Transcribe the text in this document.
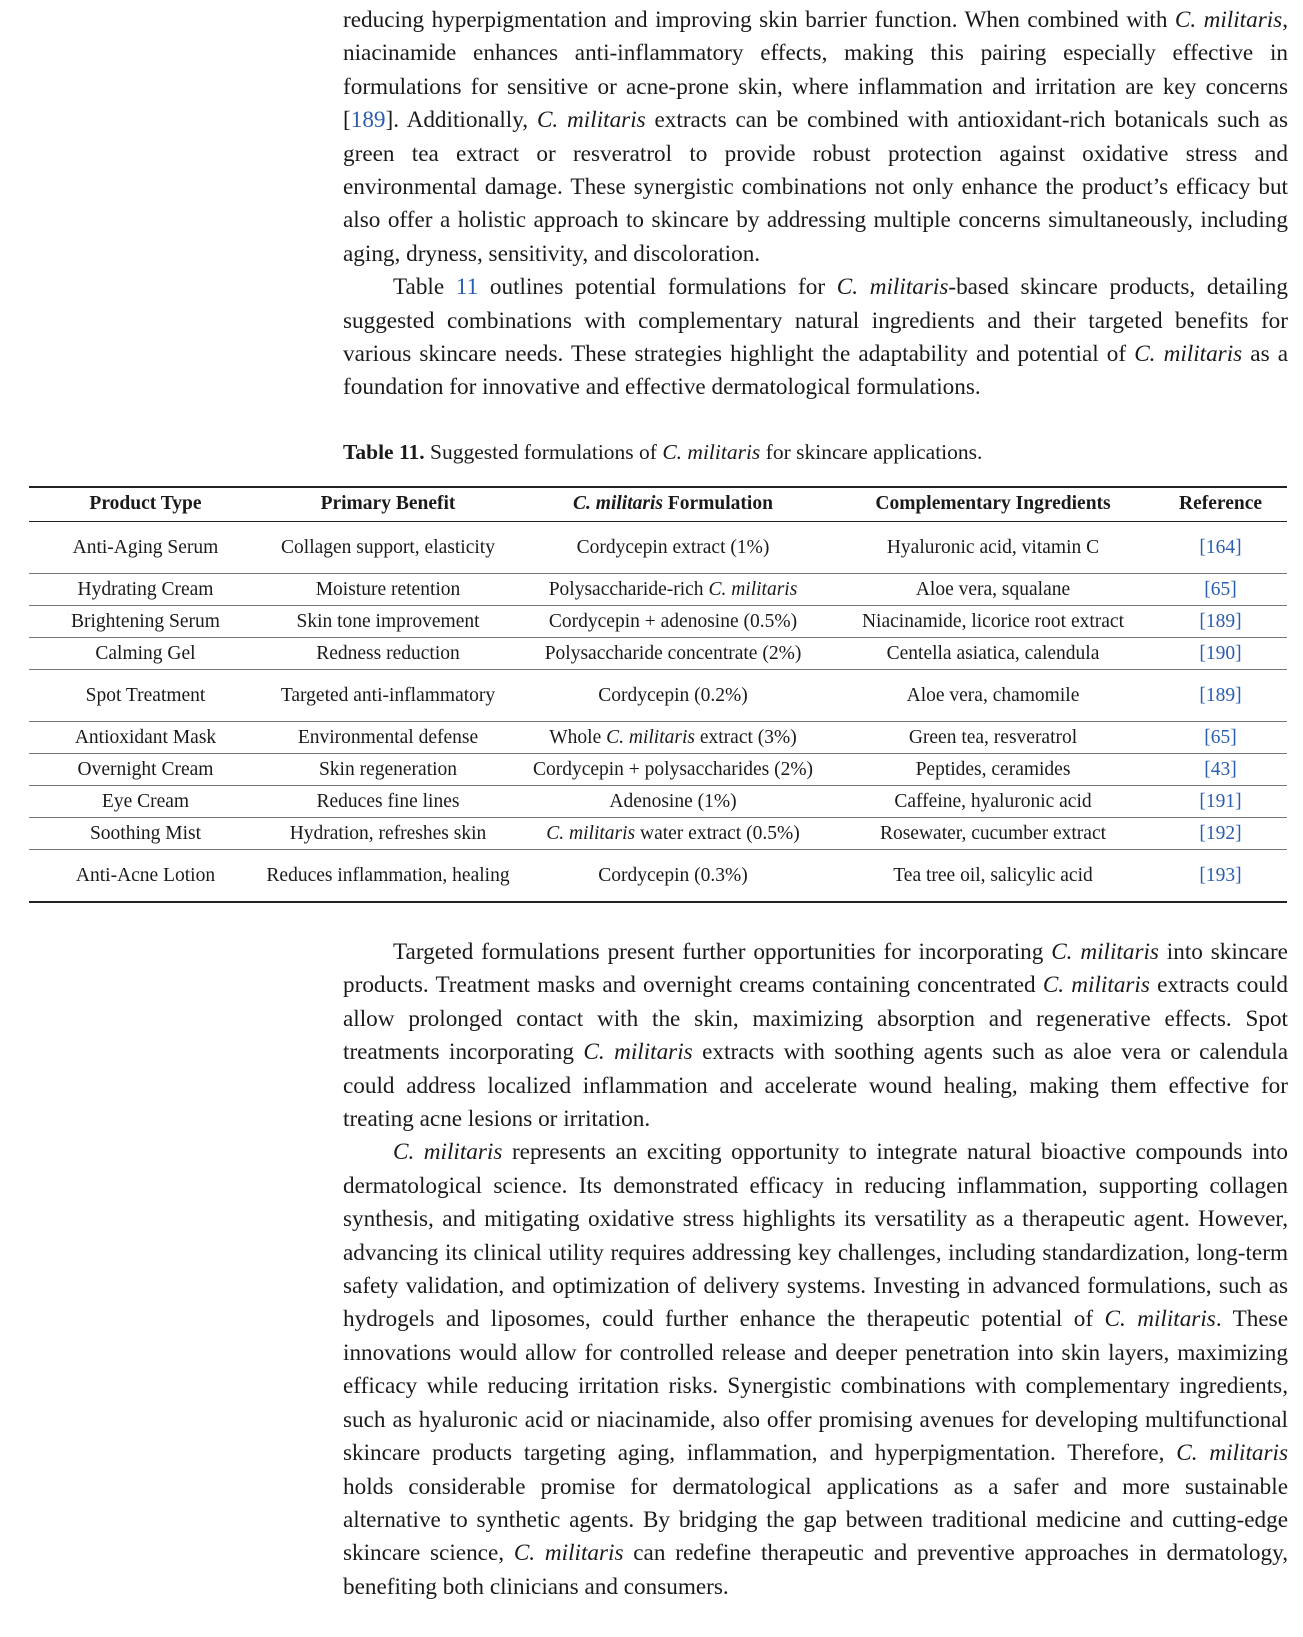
reducing hyperpigmentation and improving skin barrier function. When combined with C. militaris, niacinamide enhances anti-inflammatory effects, making this pairing especially effective in formulations for sensitive or acne-prone skin, where inflammation and irritation are key concerns [189]. Additionally, C. militaris extracts can be combined with antioxidant-rich botanicals such as green tea extract or resveratrol to provide robust protection against oxidative stress and environmental damage. These synergistic combinations not only enhance the product’s efficacy but also offer a holistic approach to skincare by addressing multiple concerns simultaneously, including aging, dryness, sensitivity, and discoloration.

Table 11 outlines potential formulations for C. militaris-based skincare products, detailing suggested combinations with complementary natural ingredients and their targeted benefits for various skincare needs. These strategies highlight the adaptability and potential of C. militaris as a foundation for innovative and effective dermatological formulations.

Table 11. Suggested formulations of C. militaris for skincare applications.
Product Type	Primary Benefit	C. militaris Formulation	Complementary Ingredients	Reference
Anti-Aging Serum	Collagen support, elasticity	Cordycepin extract (1%)	Hyaluronic acid, vitamin C	[164]
Hydrating Cream	Moisture retention	Polysaccharide-rich C. militaris	Aloe vera, squalane	[65]
Brightening Serum	Skin tone improvement	Cordycepin + adenosine (0.5%)	Niacinamide, licorice root extract	[189]
Calming Gel	Redness reduction	Polysaccharide concentrate (2%)	Centella asiatica, calendula	[190]
Spot Treatment	Targeted anti-inflammatory	Cordycepin (0.2%)	Aloe vera, chamomile	[189]
Antioxidant Mask	Environmental defense	Whole C. militaris extract (3%)	Green tea, resveratrol	[65]
Overnight Cream	Skin regeneration	Cordycepin + polysaccharides (2%)	Peptides, ceramides	[43]
Eye Cream	Reduces fine lines	Adenosine (1%)	Caffeine, hyaluronic acid	[191]
Soothing Mist	Hydration, refreshes skin	C. militaris water extract (0.5%)	Rosewater, cucumber extract	[192]
Anti-Acne Lotion	Reduces inflammation, healing	Cordycepin (0.3%)	Tea tree oil, salicylic acid	[193]

Targeted formulations present further opportunities for incorporating C. militaris into skincare products. Treatment masks and overnight creams containing concentrated C. militaris extracts could allow prolonged contact with the skin, maximizing absorption and regenerative effects. Spot treatments incorporating C. militaris extracts with soothing agents such as aloe vera or calendula could address localized inflammation and accelerate wound healing, making them effective for treating acne lesions or irritation.

C. militaris represents an exciting opportunity to integrate natural bioactive compounds into dermatological science. Its demonstrated efficacy in reducing inflammation, supporting collagen synthesis, and mitigating oxidative stress highlights its versatility as a therapeutic agent. However, advancing its clinical utility requires addressing key challenges, including standardization, long-term safety validation, and optimization of delivery systems. Investing in advanced formulations, such as hydrogels and liposomes, could further enhance the therapeutic potential of C. militaris. These innovations would allow for controlled release and deeper penetration into skin layers, maximizing efficacy while reducing irritation risks. Synergistic combinations with complementary ingredients, such as hyaluronic acid or niacinamide, also offer promising avenues for developing multifunctional skincare products targeting aging, inflammation, and hyperpigmentation. Therefore, C. militaris holds considerable promise for dermatological applications as a safer and more sustainable alternative to synthetic agents. By bridging the gap between traditional medicine and cutting-edge skincare science, C. militaris can redefine therapeutic and preventive approaches in dermatology, benefiting both clinicians and consumers.
